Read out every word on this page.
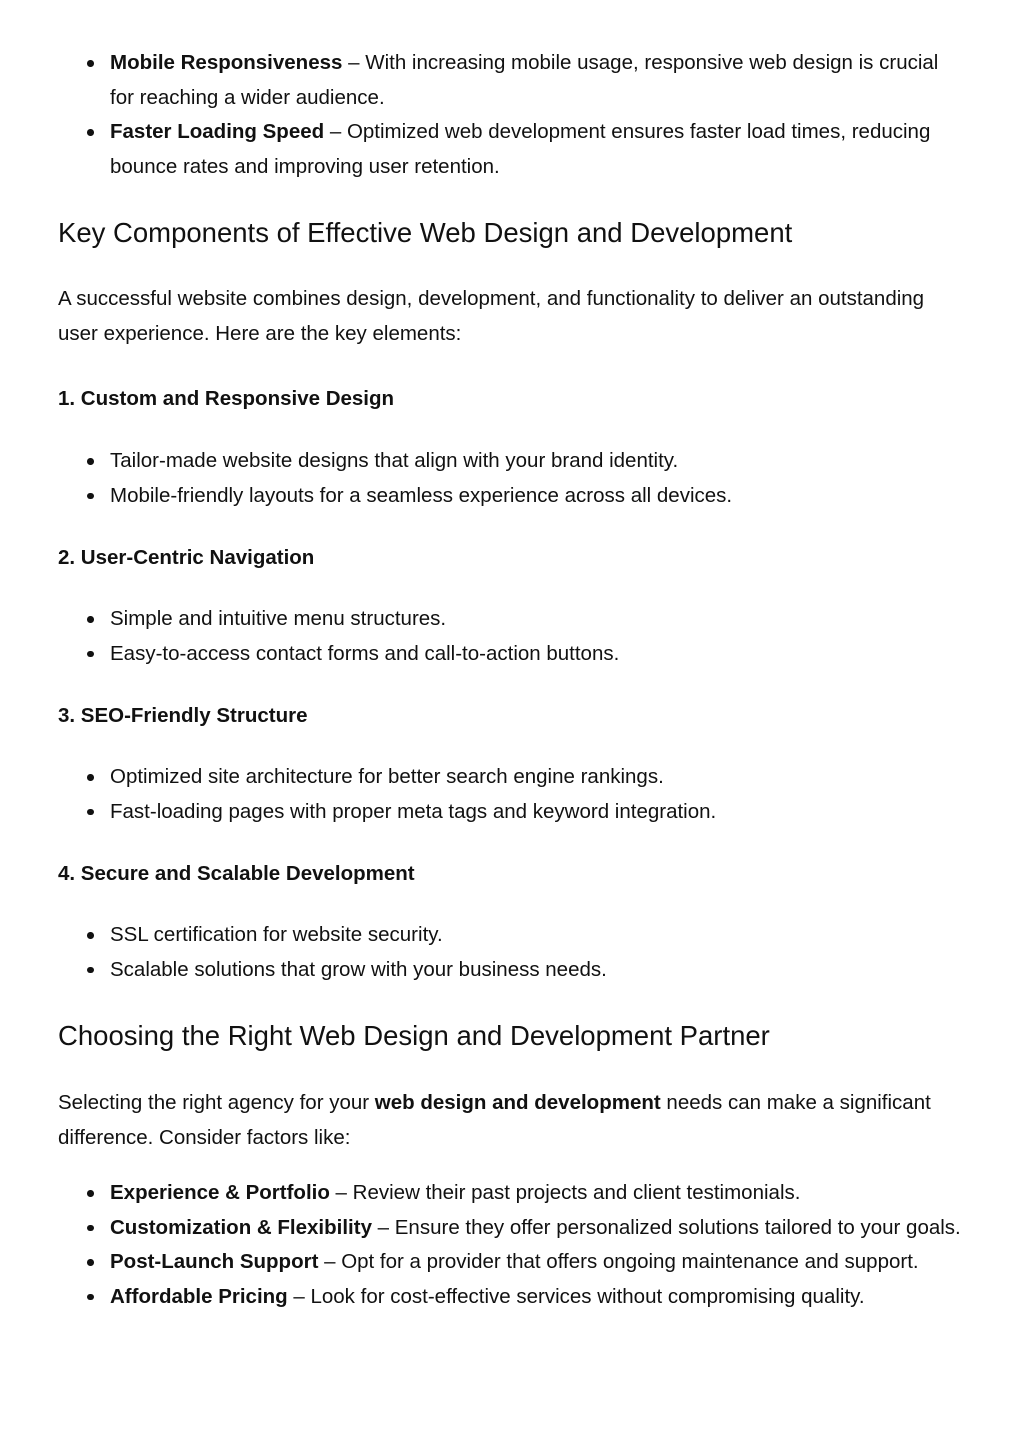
Mobile Responsiveness – With increasing mobile usage, responsive web design is crucial for reaching a wider audience.
Faster Loading Speed – Optimized web development ensures faster load times, reducing bounce rates and improving user retention.
Key Components of Effective Web Design and Development

A successful website combines design, development, and functionality to deliver an outstanding user experience. Here are the key elements:

1. Custom and Responsive Design
Tailor-made website designs that align with your brand identity.
Mobile-friendly layouts for a seamless experience across all devices.
2. User-Centric Navigation
Simple and intuitive menu structures.
Easy-to-access contact forms and call-to-action buttons.
3. SEO-Friendly Structure
Optimized site architecture for better search engine rankings.
Fast-loading pages with proper meta tags and keyword integration.
4. Secure and Scalable Development
SSL certification for website security.
Scalable solutions that grow with your business needs.
Choosing the Right Web Design and Development Partner

Selecting the right agency for your web design and development needs can make a significant difference. Consider factors like:

Experience & Portfolio – Review their past projects and client testimonials.
Customization & Flexibility – Ensure they offer personalized solutions tailored to your goals.
Post-Launch Support – Opt for a provider that offers ongoing maintenance and support.
Affordable Pricing – Look for cost-effective services without compromising quality.
